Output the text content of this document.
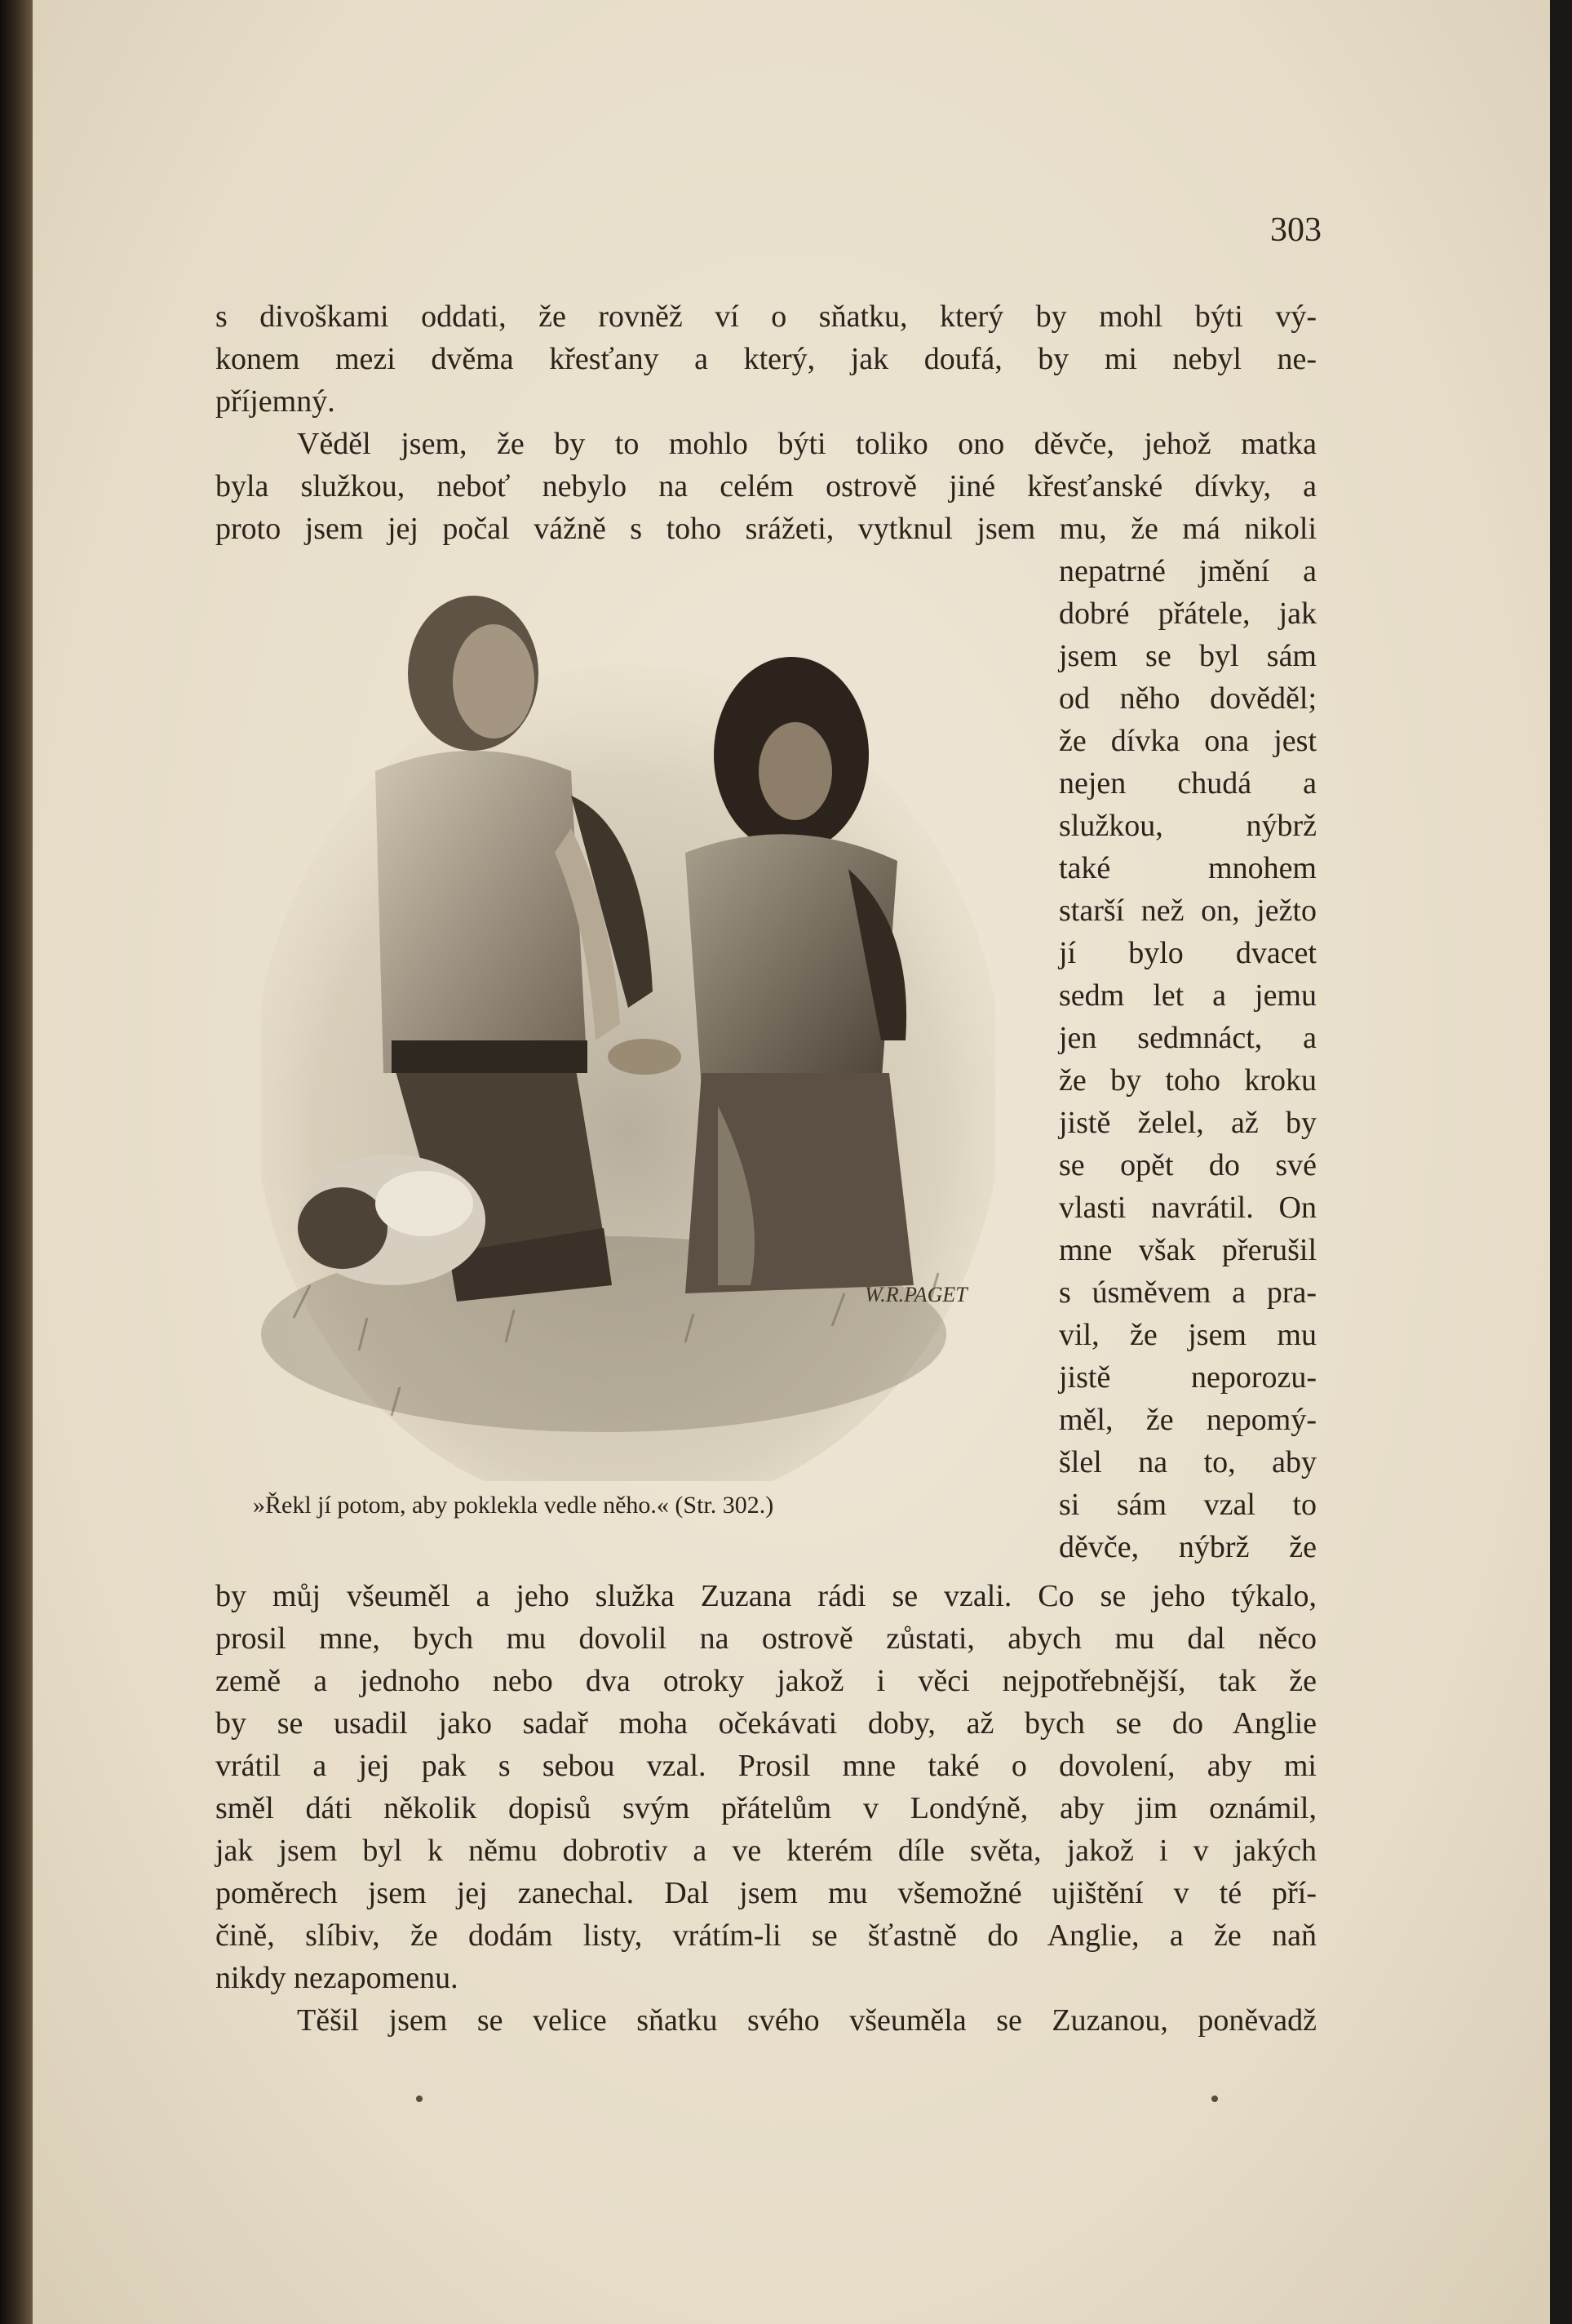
303
s divoškami oddati, že rovněž ví o sňatku, který by mohl býti vý-
konem mezi dvěma křesťany a který, jak doufá, by mi nebyl ne-
příjemný.
Věděl jsem, že by to mohlo býti toliko ono děvče, jehož matka
byla služkou, neboť nebylo na celém ostrově jiné křesťanské dívky, a
proto jsem jej počal vážně s toho srážeti, vytknul jsem mu, že má nikoli
nepatrné jmění a
dobré přátele, jak
jsem se byl sám
od něho dověděl;
že dívka ona jest
nejen chudá a
služkou, nýbrž
také mnohem
starší než on, ježto
jí bylo dvacet
sedm let a jemu
jen sedmnáct, a
že by toho kroku
jistě želel, až by
se opět do své
vlasti navrátil. On
mne však přerušil
s úsměvem a pra-
vil, že jsem mu
jistě neporozu-
měl, že nepomý-
šlel na to, aby
si sám vzal to
děvče, nýbrž že
W.R.PAGET
»Řekl jí potom, aby poklekla vedle něho.« (Str. 302.)
by můj všeuměl a jeho služka Zuzana rádi se vzali. Co se jeho týkalo,
prosil mne, bych mu dovolil na ostrově zůstati, abych mu dal něco
země a jednoho nebo dva otroky jakož i věci nejpotřebnější, tak že
by se usadil jako sadař moha očekávati doby, až bych se do Anglie
vrátil a jej pak s sebou vzal. Prosil mne také o dovolení, aby mi
směl dáti několik dopisů svým přátelům v Londýně, aby jim oznámil,
jak jsem byl k němu dobrotiv a ve kterém díle světa, jakož i v jakých
poměrech jsem jej zanechal. Dal jsem mu všemožné ujištění v té pří-
čině, slíbiv, že dodám listy, vrátím-li se šťastně do Anglie, a že naň
nikdy nezapomenu.
Těšil jsem se velice sňatku svého všeuměla se Zuzanou, poněvadž
